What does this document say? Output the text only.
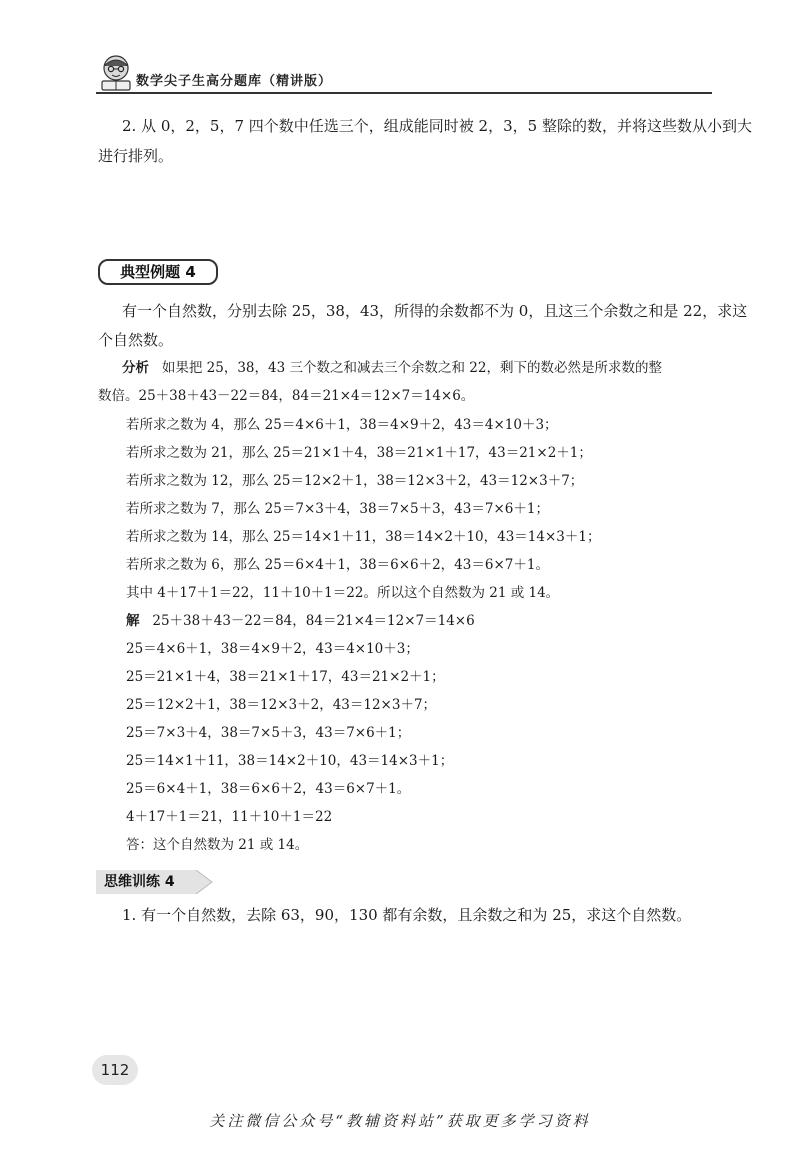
数学尖子生高分题库（精讲版）
2. 从 0，2，5，7 四个数中任选三个，组成能同时被 2，3，5 整除的数，并将这些数从小到大
进行排列。
典型例题 4
有一个自然数，分别去除 25，38，43，所得的余数都不为 0，且这三个余数之和是 22，求这
个自然数。
分析 如果把 25，38，43 三个数之和减去三个余数之和 22，剩下的数必然是所求数的整
数倍。25＋38＋43－22＝84，84＝21×4＝12×7＝14×6。
若所求之数为 4，那么 25＝4×6＋1，38＝4×9＋2，43＝4×10＋3；
若所求之数为 21，那么 25＝21×1＋4，38＝21×1＋17，43＝21×2＋1；
若所求之数为 12，那么 25＝12×2＋1，38＝12×3＋2，43＝12×3＋7；
若所求之数为 7，那么 25＝7×3＋4，38＝7×5＋3，43＝7×6＋1；
若所求之数为 14，那么 25＝14×1＋11，38＝14×2＋10，43＝14×3＋1；
若所求之数为 6，那么 25＝6×4＋1，38＝6×6＋2，43＝6×7＋1。
其中 4＋17＋1＝22，11＋10＋1＝22。所以这个自然数为 21 或 14。
解 25＋38＋43－22＝84，84＝21×4＝12×7＝14×6
25＝4×6＋1，38＝4×9＋2，43＝4×10＋3；
25＝21×1＋4，38＝21×1＋17，43＝21×2＋1；
25＝12×2＋1，38＝12×3＋2，43＝12×3＋7；
25＝7×3＋4，38＝7×5＋3，43＝7×6＋1；
25＝14×1＋11，38＝14×2＋10，43＝14×3＋1；
25＝6×4＋1，38＝6×6＋2，43＝6×7＋1。
4＋17＋1＝21，11＋10＋1＝22
答：这个自然数为 21 或 14。
思维训练 4
1. 有一个自然数，去除 63，90，130 都有余数，且余数之和为 25，求这个自然数。
112
关注微信公众号“教辅资料站”获取更多学习资料
